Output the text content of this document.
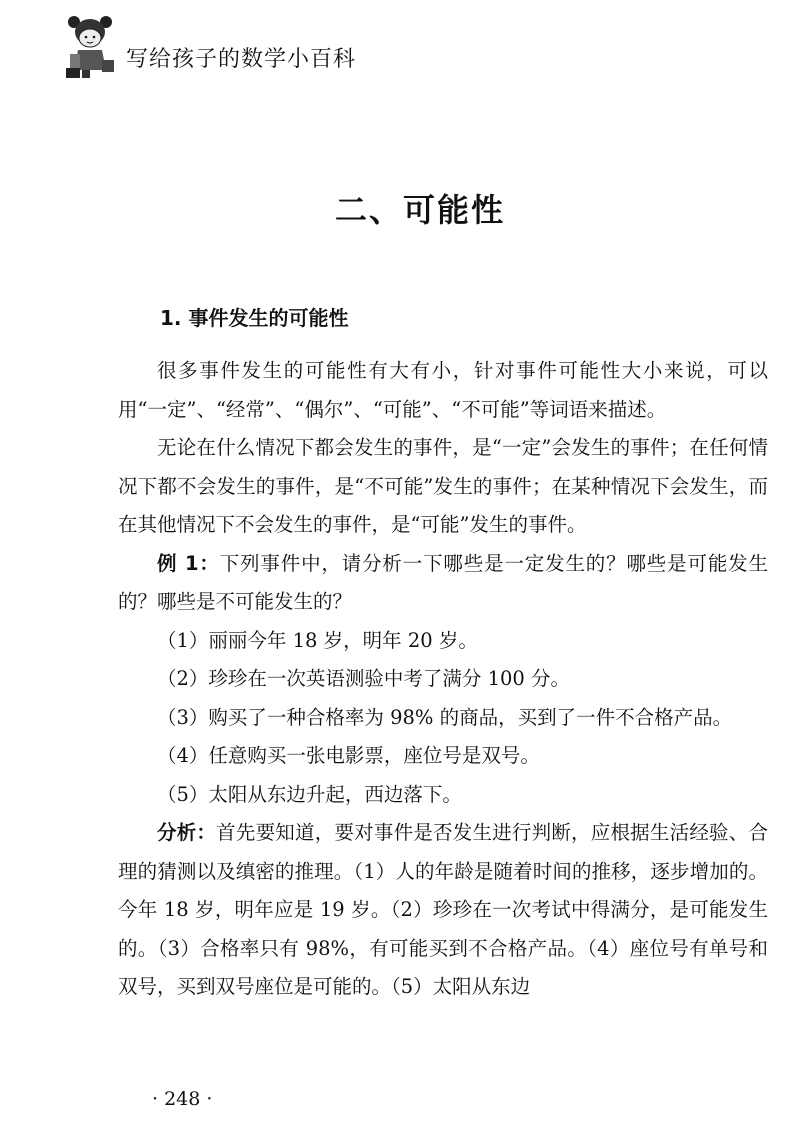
写给孩子的数学小百科
二、可能性
1. 事件发生的可能性

很多事件发生的可能性有大有小，针对事件可能性大小来说，可以用“一定”、“经常”、“偶尔”、“可能”、“不可能”等词语来描述。

无论在什么情况下都会发生的事件，是“一定”会发生的事件；在任何情况下都不会发生的事件，是“不可能”发生的事件；在某种情况下会发生，而在其他情况下不会发生的事件，是“可能”发生的事件。

例 1：下列事件中，请分析一下哪些是一定发生的？哪些是可能发生的？哪些是不可能发生的？

（1）丽丽今年 18 岁，明年 20 岁。

（2）珍珍在一次英语测验中考了满分 100 分。

（3）购买了一种合格率为 98% 的商品，买到了一件不合格产品。

（4）任意购买一张电影票，座位号是双号。

（5）太阳从东边升起，西边落下。

分析：首先要知道，要对事件是否发生进行判断，应根据生活经验、合理的猜测以及缜密的推理。（1）人的年龄是随着时间的推移，逐步增加的。今年 18 岁，明年应是 19 岁。（2）珍珍在一次考试中得满分，是可能发生的。（3）合格率只有 98%，有可能买到不合格产品。（4）座位号有单号和双号，买到双号座位是可能的。（5）太阳从东边

· 248 ·
